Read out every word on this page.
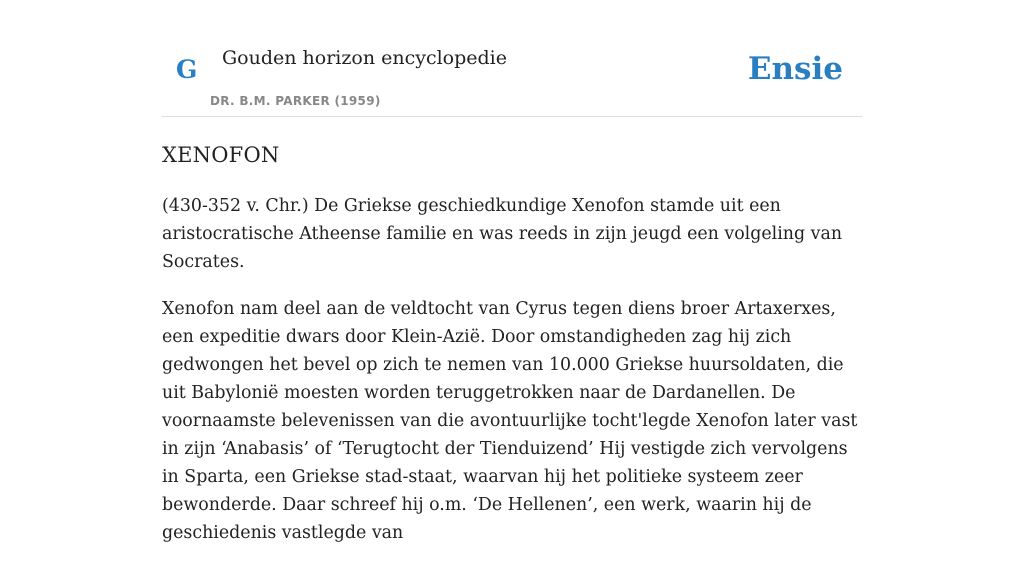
G Gouden horizon encyclopedie
DR. B.M. PARKER (1959)
Ensie
XENOFON

(430-352 v. Chr.) De Griekse geschiedkundige Xenofon stamde uit een aristocratische Atheense familie en was reeds in zijn jeugd een volgeling van Socrates.

Xenofon nam deel aan de veldtocht van Cyrus tegen diens broer Artaxerxes, een expeditie dwars door Klein-Azië. Door omstandigheden zag hij zich gedwongen het bevel op zich te nemen van 10.000 Griekse huursoldaten, die uit Babylonië moesten worden teruggetrokken naar de Dardanellen. De voornaamste belevenissen van die avontuurlijke tocht'legde Xenofon later vast in zijn ‘Anabasis’ of ‘Terugtocht der Tienduizend’ Hij vestigde zich vervolgens in Sparta, een Griekse stad-staat, waarvan hij het politieke systeem zeer bewonderde. Daar schreef hij o.m. ‘De Hellenen’, een werk, waarin hij de geschiedenis vastlegde van
